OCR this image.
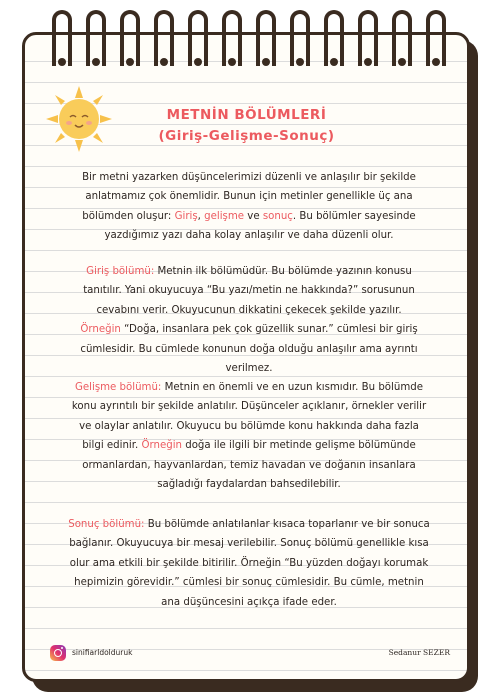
METNİN BÖLÜMLERİ
(Giriş-Gelişme-Sonuç)
Bir metni yazarken düşüncelerimizi düzenli ve anlaşılır bir şekilde
anlatmamız çok önemlidir. Bunun için metinler genellikle üç ana
bölümden oluşur: Giriş, gelişme ve sonuç. Bu bölümler sayesinde
yazdığımız yazı daha kolay anlaşılır ve daha düzenli olur.
Giriş bölümü: Metnin ilk bölümüdür. Bu bölümde yazının konusu
tanıtılır. Yani okuyucuya “Bu yazı/metin ne hakkında?” sorusunun
cevabını verir. Okuyucunun dikkatini çekecek şekilde yazılır.
Örneğin “Doğa, insanlara pek çok güzellik sunar.” cümlesi bir giriş
cümlesidir. Bu cümlede konunun doğa olduğu anlaşılır ama ayrıntı
verilmez.
Gelişme bölümü: Metnin en önemli ve en uzun kısmıdır. Bu bölümde
konu ayrıntılı bir şekilde anlatılır. Düşünceler açıklanır, örnekler verilir
ve olaylar anlatılır. Okuyucu bu bölümde konu hakkında daha fazla
bilgi edinir. Örneğin doğa ile ilgili bir metinde gelişme bölümünde
ormanlardan, hayvanlardan, temiz havadan ve doğanın insanlara
sağladığı faydalardan bahsedilebilir.
Sonuç bölümü: Bu bölümde anlatılanlar kısaca toparlanır ve bir sonuca
bağlanır. Okuyucuya bir mesaj verilebilir. Sonuç bölümü genellikle kısa
olur ama etkili bir şekilde bitirilir. Örneğin “Bu yüzden doğayı korumak
hepimizin görevidir.” cümlesi bir sonuç cümlesidir. Bu cümle, metnin
ana düşüncesini açıkça ifade eder.
sinifiarldolduruk	Sedanur SEZER
